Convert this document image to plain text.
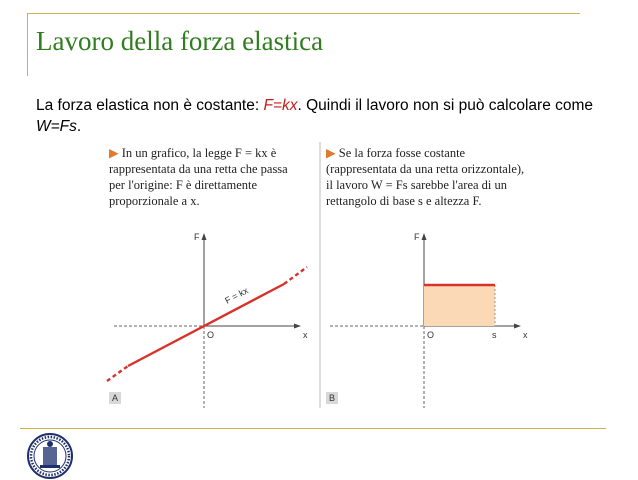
Lavoro della forza elastica
La forza elastica non è costante: F=kx. Quindi il lavoro non si può calcolare come W=Fs.
▶ In un grafico, la legge F = kx è rappresentata da una retta che passa per l'origine: F è direttamente proporzionale a x.
▶ Se la forza fosse costante (rappresentata da una retta orizzontale), il lavoro W = Fs sarebbe l'area di un rettangolo di base s e altezza F.
F = kx
F
x
O
F
x
O	s
A	B
